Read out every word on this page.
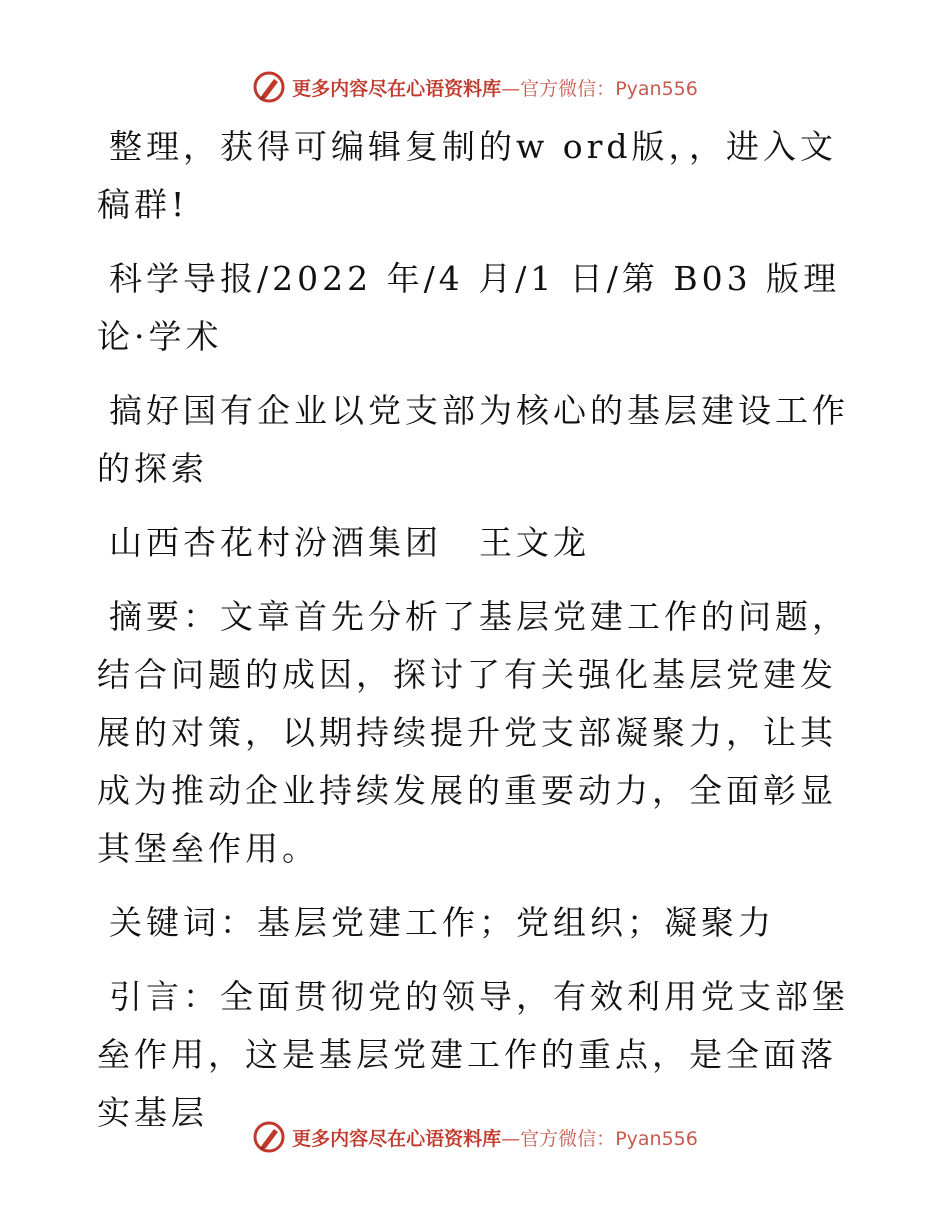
更多内容尽在心语资料库—官方微信：Pyan556

整理，获得可编辑复制的w ord版，，进入文稿群!

科学导报/2022 年/4 月/1 日/第 B03 版理论·学术

搞好国有企业以党支部为核心的基层建设工作的探索

山西杏花村汾酒集团　王文龙

摘要：文章首先分析了基层党建工作的问题，结合问题的成因，探讨了有关强化基层党建发展的对策，以期持续提升党支部凝聚力，让其成为推动企业持续发展的重要动力，全面彰显其堡垒作用。

关键词：基层党建工作；党组织；凝聚力

引言：全面贯彻党的领导，有效利用党支部堡垒作用，这是基层党建工作的重点，是全面落实基层

更多内容尽在心语资料库—官方微信：Pyan556
